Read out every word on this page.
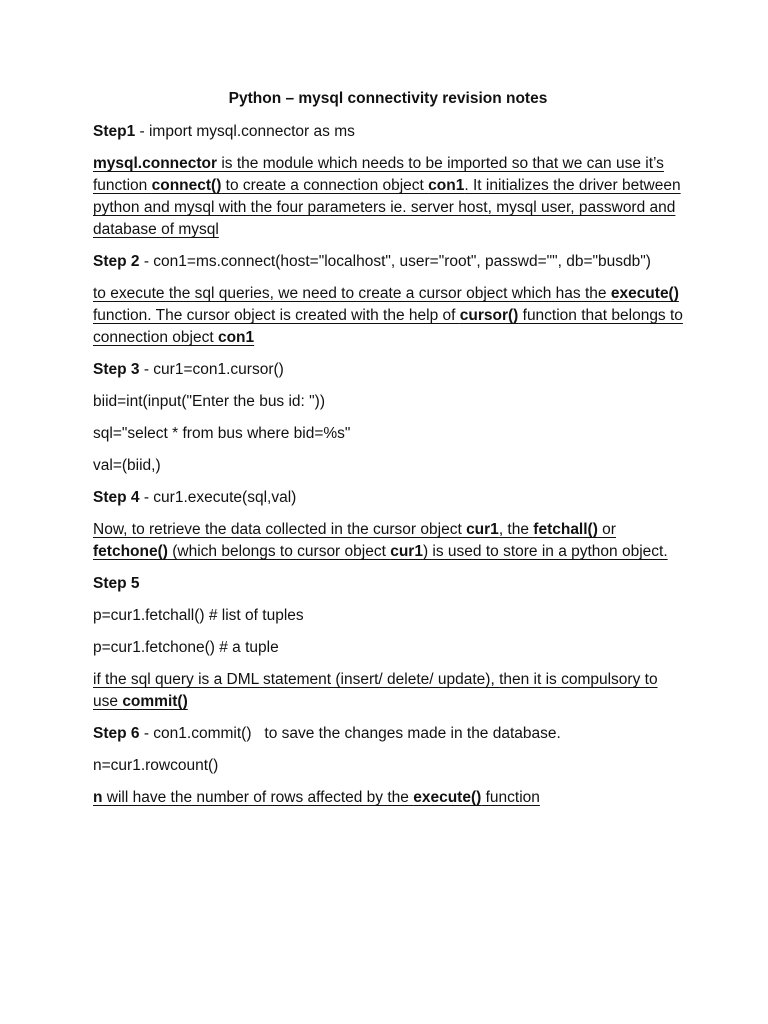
Python – mysql connectivity revision notes
Step1 - import mysql.connector as ms
mysql.connector is the module which needs to be imported so that we can use it’s function connect() to create a connection object con1. It initializes the driver between python and mysql with the four parameters ie. server host, mysql user, password and database of mysql
Step 2 - con1=ms.connect(host="localhost", user="root", passwd="", db="busdb")
to execute the sql queries, we need to create a cursor object which has the execute() function. The cursor object is created with the help of cursor() function that belongs to connection object con1
Step 3 - cur1=con1.cursor()
biid=int(input("Enter the bus id: "))
sql="select * from bus where bid=%s"
val=(biid,)
Step 4 - cur1.execute(sql,val)
Now, to retrieve the data collected in the cursor object cur1, the fetchall() or fetchone() (which belongs to cursor object cur1) is used to store in a python object.
Step 5
p=cur1.fetchall() # list of tuples
p=cur1.fetchone() # a tuple
if the sql query is a DML statement (insert/ delete/ update), then it is compulsory to use commit()
Step 6 - con1.commit()   to save the changes made in the database.
n=cur1.rowcount()
n will have the number of rows affected by the execute() function
